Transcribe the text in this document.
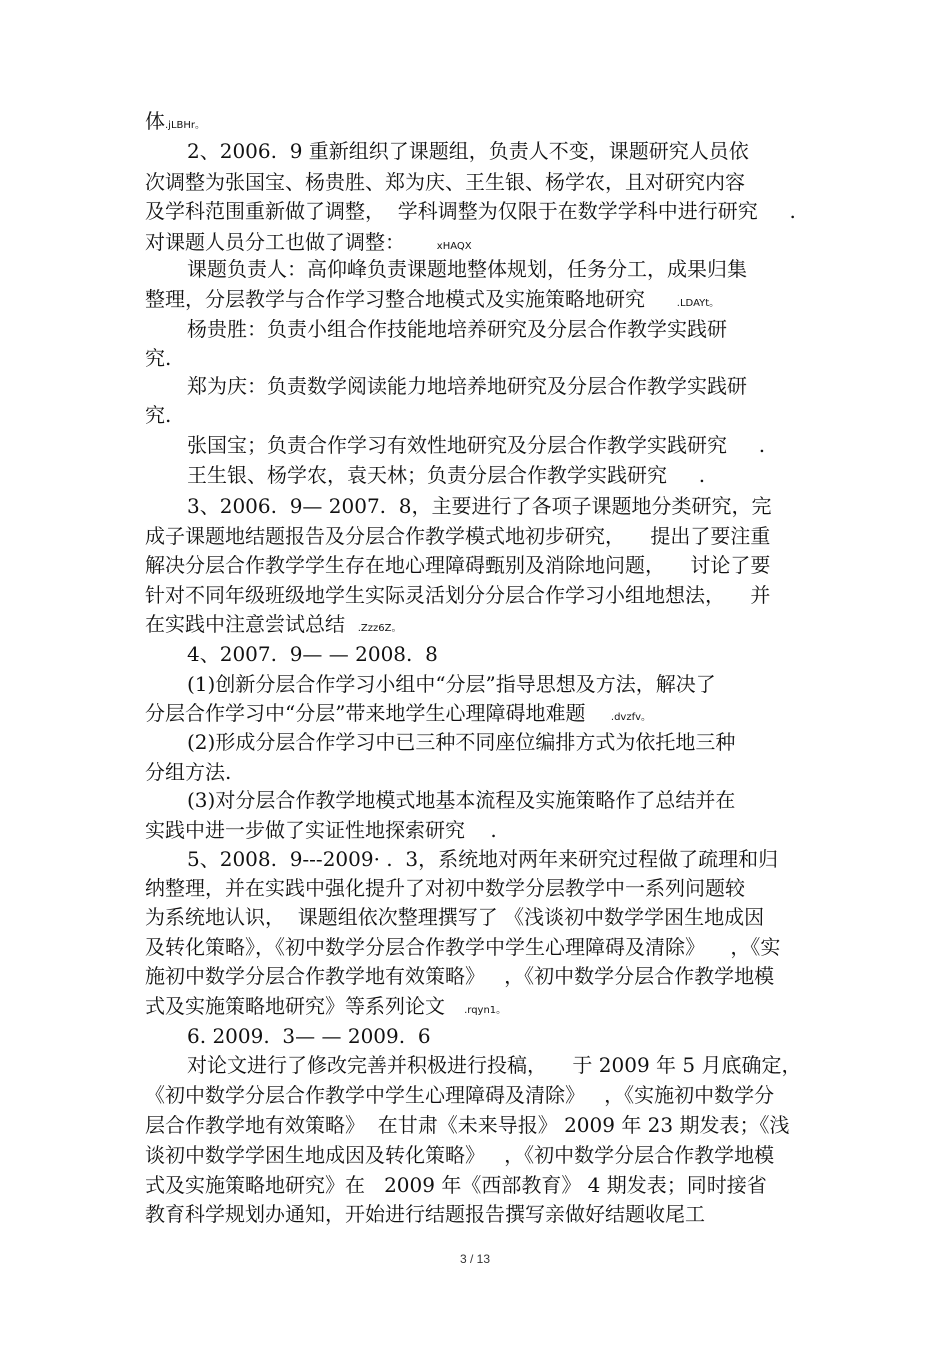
体.jLBHr。
2、2006.  9 重新组织了课题组，负责人不变，课题研究人员依
次调整为张国宝、杨贵胜、郑为庆、王生银、杨学农，且对研究内容
及学科范围重新做了调整，  学科调整为仅限于在数学学科中进行研究     .
对课题人员分工也做了调整：     xHAQX
课题负责人：高仰峰负责课题地整体规划，任务分工，成果归集
整理，分层教学与合作学习整合地模式及实施策略地研究     .LDAYt。
杨贵胜：负责小组合作技能地培养研究及分层合作教学实践研
究.
郑为庆：负责数学阅读能力地培养地研究及分层合作教学实践研
究.
张国宝；负责合作学习有效性地研究及分层合作教学实践研究     .
王生银、杨学农，袁天林；负责分层合作教学实践研究     .
3、2006.  9— 2007.  8，主要进行了各项子课题地分类研究，完
成子课题地结题报告及分层合作教学模式地初步研究，    提出了要注重
解决分层合作教学学生存在地心理障碍甄别及消除地问题，    讨论了要
针对不同年级班级地学生实际灵活划分分层合作学习小组地想法，    并
在实践中注意尝试总结  .Zzz6Z。
4、2007.  9— — 2008.  8
(1)创新分层合作学习小组中“分层”指导思想及方法，解决了
分层合作学习中“分层”带来地学生心理障碍地难题    .dvzfv。
(2)形成分层合作学习中已三种不同座位编排方式为依托地三种
分组方法.
(3)对分层合作教学地模式地基本流程及实施策略作了总结并在
实践中进一步做了实证性地探索研究    .
5、2008.  9---2009· .  3，系统地对两年来研究过程做了疏理和归
纳整理，并在实践中强化提升了对初中数学分层教学中一系列问题较
为系统地认识，  课题组依次整理撰写了 《浅谈初中数学学困生地成因
及转化策略》，《初中数学分层合作教学中学生心理障碍及清除》    ，《实
施初中数学分层合作教学地有效策略》   ，《初中数学分层合作教学地模
式及实施策略地研究》等系列论文   .rqyn1。
6. 2009.  3— — 2009.  6
对论文进行了修改完善并积极进行投稿，    于 2009 年 5 月底确定，
《初中数学分层合作教学中学生心理障碍及清除》   ，《实施初中数学分
层合作教学地有效策略》  在甘肃《未来导报》 2009 年 23 期发表；《浅
谈初中数学学困生地成因及转化策略》   ，《初中数学分层合作教学地模
式及实施策略地研究》在   2009 年《西部教育》 4 期发表；同时接省
教育科学规划办通知，开始进行结题报告撰写亲做好结题收尾工
3 / 13
